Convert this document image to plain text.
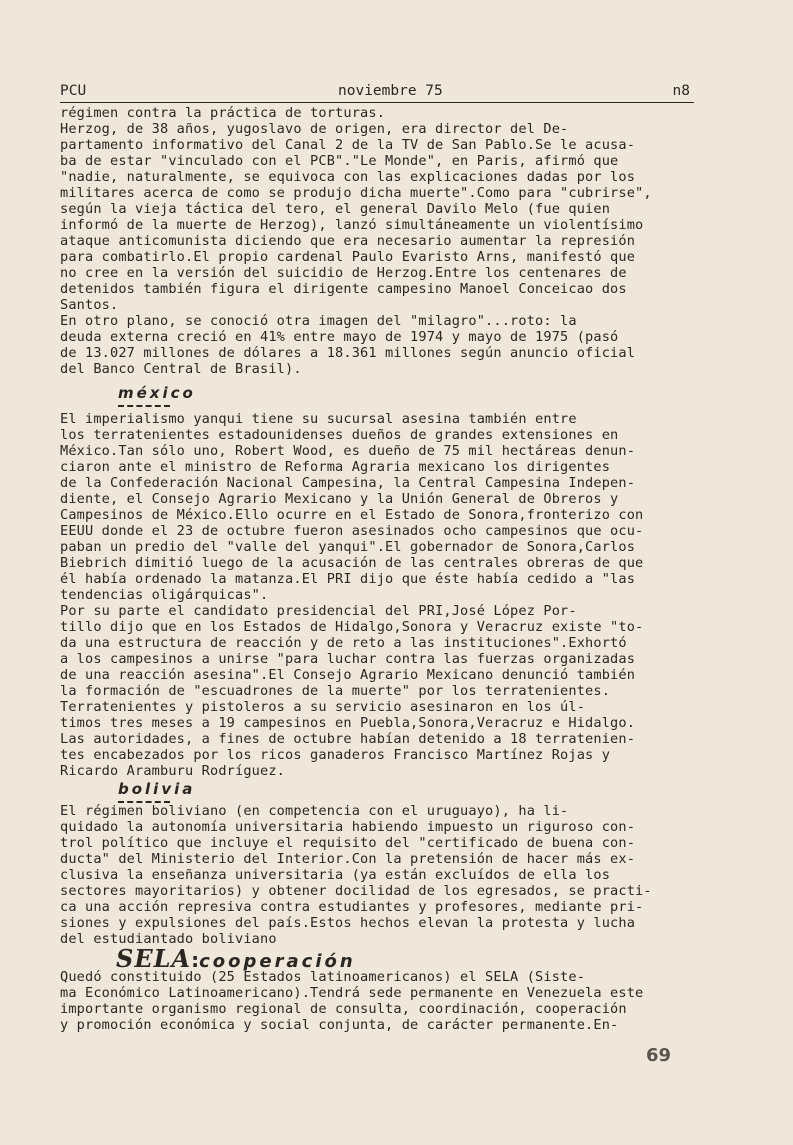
PCU	noviembre 75	n8
régimen contra la práctica de torturas.
Herzog, de 38 años, yugoslavo de origen, era director del De-
partamento informativo del Canal 2 de la TV de San Pablo.Se le acusa-
ba de estar "vinculado con el PCB"."Le Monde", en Paris, afirmó que
"nadie, naturalmente, se equivoca con las explicaciones dadas por los
militares acerca de como se produjo dicha muerte".Como para "cubrirse",
según la vieja táctica del tero, el general Davilo Melo (fue quien
informó de la muerte de Herzog), lanzó simultáneamente un violentísimo
ataque anticomunista diciendo que era necesario aumentar la represión
para combatirlo.El propio cardenal Paulo Evaristo Arns, manifestó que
no cree en la versión del suicidio de Herzog.Entre los centenares de
detenidos también figura el dirigente campesino Manoel Conceicao dos
Santos.
En otro plano, se conoció otra imagen del "milagro"...roto: la
deuda externa creció en 41% entre mayo de 1974 y mayo de 1975 (pasó
de 13.027 millones de dólares a 18.361 millones según anuncio oficial
del Banco Central de Brasil).
méxico
El imperialismo yanqui tiene su sucursal asesina también entre
los terratenientes estadounidenses dueños de grandes extensiones en
México.Tan sólo uno, Robert Wood, es dueño de 75 mil hectáreas denun-
ciaron ante el ministro de Reforma Agraria mexicano los dirigentes
de la Confederación Nacional Campesina, la Central Campesina Indepen-
diente, el Consejo Agrario Mexicano y la Unión General de Obreros y
Campesinos de México.Ello ocurre en el Estado de Sonora,fronterizo con
EEUU donde el 23 de octubre fueron asesinados ocho campesinos que ocu-
paban un predio del "valle del yanqui".El gobernador de Sonora,Carlos
Biebrich dimitió luego de la acusación de las centrales obreras de que
él había ordenado la matanza.El PRI dijo que éste había cedido a "las
tendencias oligárquicas".
Por su parte el candidato presidencial del PRI,José López Por-
tillo dijo que en los Estados de Hidalgo,Sonora y Veracruz existe "to-
da una estructura de reacción y de reto a las instituciones".Exhortó
a los campesinos a unirse "para luchar contra las fuerzas organizadas
de una reacción asesina".El Consejo Agrario Mexicano denunció también
la formación de "escuadrones de la muerte" por los terratenientes.
Terratenientes y pistoleros a su servicio asesinaron en los úl-
timos tres meses a 19 campesinos en Puebla,Sonora,Veracruz e Hidalgo.
Las autoridades, a fines de octubre habían detenido a 18 terratenien-
tes encabezados por los ricos ganaderos Francisco Martínez Rojas y
Ricardo Aramburu Rodríguez.
bolivia
El régimen boliviano (en competencia con el uruguayo), ha li-
quidado la autonomía universitaria habiendo impuesto un riguroso con-
trol político que incluye el requisito del "certificado de buena con-
ducta" del Ministerio del Interior.Con la pretensión de hacer más ex-
clusiva la enseñanza universitaria (ya están excluídos de ella los
sectores mayoritarios) y obtener docilidad de los egresados, se practi-
ca una acción represiva contra estudiantes y profesores, mediante pri-
siones y expulsiones del país.Estos hechos elevan la protesta y lucha
del estudiantado boliviano
SELA:cooperación
Quedó constituido (25 Estados latinoamericanos) el SELA (Siste-
ma Económico Latinoamericano).Tendrá sede permanente en Venezuela este
importante organismo regional de consulta, coordinación, cooperación
y promoción económica y social conjunta, de carácter permanente.En-
69
